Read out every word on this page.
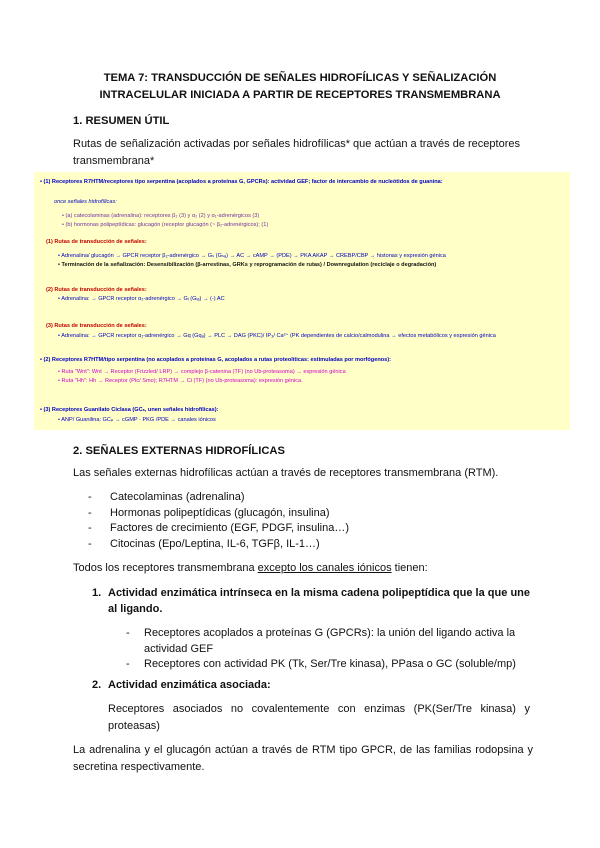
TEMA 7: TRANSDUCCIÓN DE SEÑALES HIDROFÍLICAS Y SEÑALIZACIÓN
INTRACELULAR INICIADA A PARTIR DE RECEPTORES TRANSMEMBRANA
1. RESUMEN ÚTIL
Rutas de señalización activadas por señales hidrofílicas* que actúan a través de receptores transmembrana*
• (1) Receptores R7HTM/receptores tipo serpentina (acoplados a proteínas G, GPCRs): actividad GEF; factor de intercambio de nucleótidos de guanina:
once señales hidrofílicas:
• (a) catecolaminas (adrenalina): receptores β₂ (3) y α₂ (2) y α₁-adrenérgicos (3)
• (b) hormonas polipeptídicas: glucagón (receptor glucagón (~ β₂-adrenérgicos); (1)
(1) Rutas de transducción de señales:
• Adrenalina/ glucagón → GPCR receptor β₂-adrenérgico → Gₛ (Gₛₐ) → AC → cAMP → (PDE) → PKA AKAP → CREBP/CBP → histonas y expresión génica
• Terminación de la señalización: Desensibilización (β-arrestinas, GRKs y reprogramación de rutas) / Downregulation (reciclaje o degradación)
(2) Rutas de transducción de señales:
• Adrenalina: → GPCR receptor α₂-adrenérgico → Gᵢ (Gᵢₐ) → (-) AC
(3) Rutas de transducción de señales:
• Adrenalina: → GPCR receptor α₁-adrenérgico → Gq (Gqₐ) → PLC → DAG (PKC)/ IP₃/ Ca²⁺ (PK dependientes de calcio/calmodulina → efectos metabólicos y expresión génica
• (2) Receptores R7HTM/tipo serpentina (no acoplados a proteínas G, acoplados a rutas proteolíticas: estimuladas por morfógenos):
• Ruta "Wnt": Wnt → Receptor (Frizzled/ LRP) → complejo β-catenina (TF) (no Ub-proteasoma) → expresión génica
• Ruta "Hh": Hh → Receptor (Ptc/ Smo); R7HTM → Ci (TF) (no Ub-proteasoma): expresión génica.
• (3) Receptores Guanilato Ciclasa (GCₛ, unen señales hidrofílicas):
• ANP/ Guanilina: GCₚ → cGMP · PKG /PDE → canales iónicos
2. SEÑALES EXTERNAS HIDROFÍLICAS
Las señales externas hidrofílicas actúan a través de receptores transmembrana (RTM).
-	Catecolaminas (adrenalina)
-	Hormonas polipeptídicas (glucagón, insulina)
-	Factores de crecimiento (EGF, PDGF, insulina…)
-	Citocinas (Epo/Leptina, IL-6, TGFβ, IL-1…)
Todos los receptores transmembrana excepto los canales iónicos tienen:
1. Actividad enzimática intrínseca en la misma cadena polipeptídica que la que une al ligando.
-	Receptores acoplados a proteínas G (GPCRs): la unión del ligando activa la actividad GEF
-	Receptores con actividad PK (Tk, Ser/Tre kinasa), PPasa o GC (soluble/mp)
2. Actividad enzimática asociada:
Receptores asociados no covalentemente con enzimas (PK(Ser/Tre kinasa) y proteasas)
La adrenalina y el glucagón actúan a través de RTM tipo GPCR, de las familias rodopsina y secretina respectivamente.
